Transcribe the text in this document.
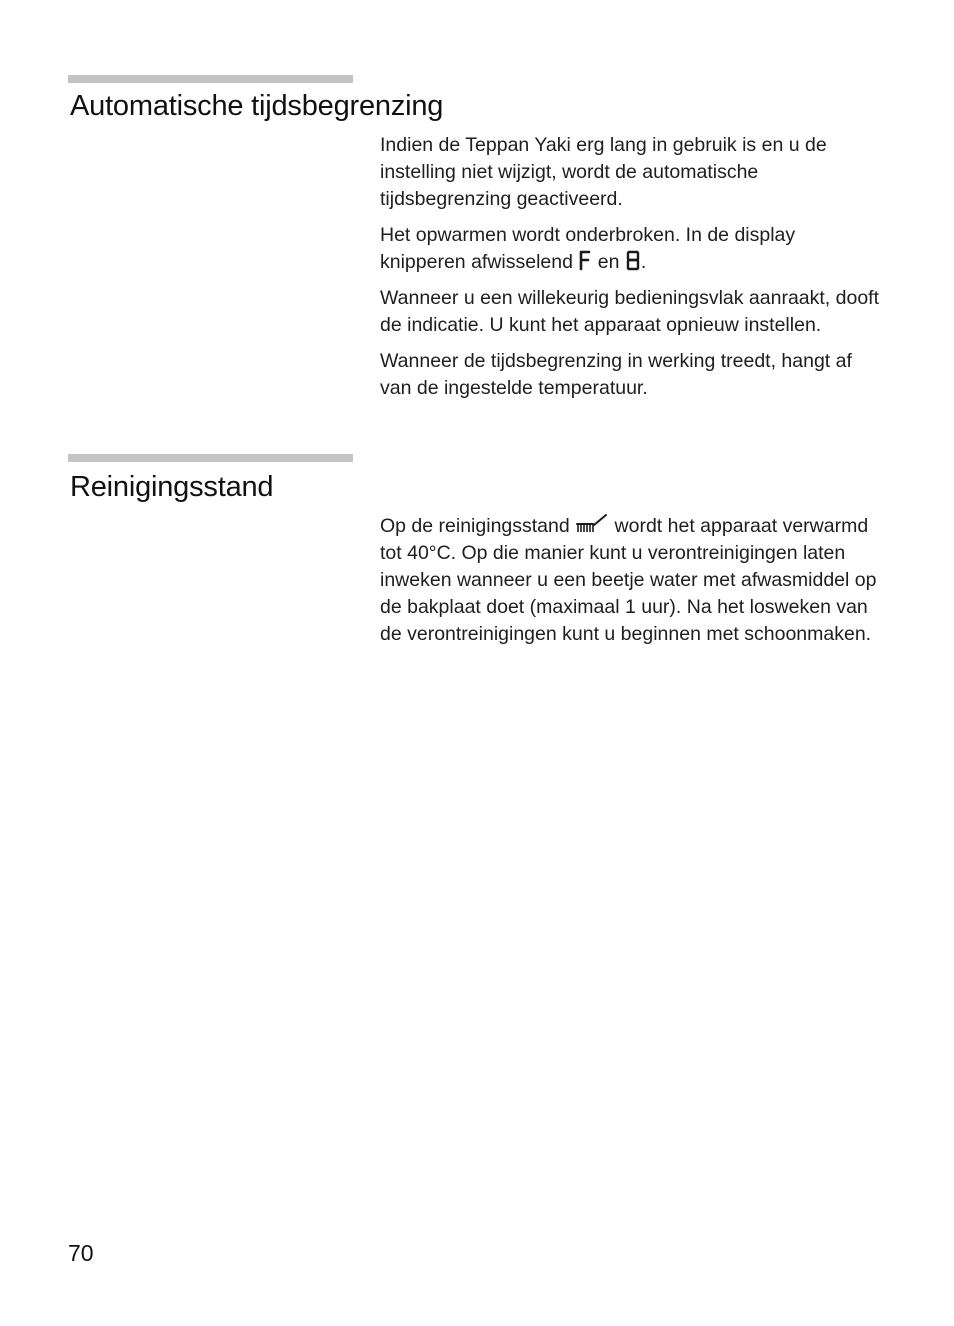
Automatische tijdsbegrenzing

Indien de Teppan Yaki erg lang in gebruik is en u de instelling niet wijzigt, wordt de automatische tijdsbegrenzing geactiveerd.

Het opwarmen wordt onderbroken. In de display knipperen afwisselend  en .

Wanneer u een willekeurig bedieningsvlak aanraakt, dooft de indicatie. U kunt het apparaat opnieuw instellen.

Wanneer de tijdsbegrenzing in werking treedt, hangt af van de ingestelde temperatuur.

Reinigingsstand

Op de reinigingsstand  wordt het apparaat verwarmd tot 40°C. Op die manier kunt u verontreinigingen laten inweken wanneer u een beetje water met afwasmiddel op de bakplaat doet (maximaal 1 uur). Na het losweken van de verontreinigingen kunt u beginnen met schoonmaken.

70
